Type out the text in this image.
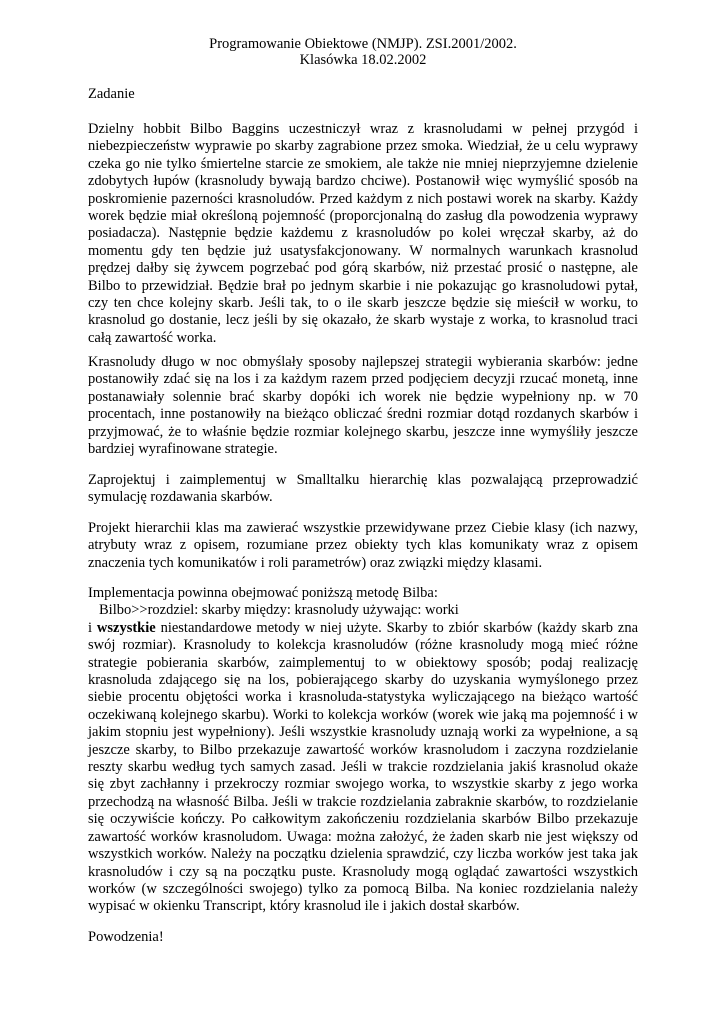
Programowanie Obiektowe (NMJP). ZSI.2001/2002.
Klasówka 18.02.2002
Zadanie
Dzielny hobbit Bilbo Baggins uczestniczył wraz z krasnoludami w pełnej przygód i
niebezpieczeństw wyprawie po skarby zagrabione przez smoka. Wiedział, że u celu wyprawy
czeka go nie tylko śmiertelne starcie ze smokiem, ale także nie mniej nieprzyjemne dzielenie
zdobytych łupów (krasnoludy bywają bardzo chciwe). Postanowił więc wymyślić sposób na
poskromienie pazerności krasnoludów. Przed każdym z nich postawi worek na skarby. Każdy
worek będzie miał określoną pojemność (proporcjonalną do zasług dla powodzenia wyprawy
posiadacza). Następnie będzie każdemu z krasnoludów po kolei wręczał skarby, aż do
momentu gdy ten będzie już usatysfakcjonowany. W normalnych warunkach krasnolud
prędzej dałby się żywcem pogrzebać pod górą skarbów, niż przestać prosić o następne, ale
Bilbo to przewidział. Będzie brał po jednym skarbie i nie pokazując go krasnoludowi pytał,
czy ten chce kolejny skarb. Jeśli tak, to o ile skarb jeszcze będzie się mieścił w worku, to
krasnolud go dostanie, lecz jeśli by się okazało, że skarb wystaje z worka, to krasnolud traci
całą zawartość worka.
Krasnoludy długo w noc obmyślały sposoby najlepszej strategii wybierania skarbów: jedne
postanowiły zdać się na los i za każdym razem przed podjęciem decyzji rzucać monetą, inne
postanawiały solennie brać skarby dopóki ich worek nie będzie wypełniony np. w 70
procentach, inne postanowiły na bieżąco obliczać średni rozmiar dotąd rozdanych skarbów i
przyjmować, że to właśnie będzie rozmiar kolejnego skarbu, jeszcze inne wymyśliły jeszcze
bardziej wyrafinowane strategie.
Zaprojektuj i zaimplementuj w Smalltalku hierarchię klas pozwalającą przeprowadzić
symulację rozdawania skarbów.
Projekt hierarchii klas ma zawierać wszystkie przewidywane przez Ciebie klasy (ich nazwy,
atrybuty wraz z opisem, rozumiane przez obiekty tych klas komunikaty wraz z opisem
znaczenia tych komunikatów i roli parametrów) oraz związki między klasami.
Implementacja powinna obejmować poniższą metodę Bilba:
Bilbo>>rozdziel: skarby między: krasnoludy używając: worki
i wszystkie niestandardowe metody w niej użyte. Skarby to zbiór skarbów (każdy skarb zna
swój rozmiar). Krasnoludy to kolekcja krasnoludów (różne krasnoludy mogą mieć różne
strategie pobierania skarbów, zaimplementuj to w obiektowy sposób; podaj realizację
krasnoluda zdającego się na los, pobierającego skarby do uzyskania wymyślonego przez
siebie procentu objętości worka i krasnoluda-statystyka wyliczającego na bieżąco wartość
oczekiwaną kolejnego skarbu). Worki to kolekcja worków (worek wie jaką ma pojemność i w
jakim stopniu jest wypełniony). Jeśli wszystkie krasnoludy uznają worki za wypełnione, a są
jeszcze skarby, to Bilbo przekazuje zawartość worków krasnoludom i zaczyna rozdzielanie
reszty skarbu według tych samych zasad. Jeśli w trakcie rozdzielania jakiś krasnolud okaże
się zbyt zachłanny i przekroczy rozmiar swojego worka, to wszystkie skarby z jego worka
przechodzą na własność Bilba. Jeśli w trakcie rozdzielania zabraknie skarbów, to rozdzielanie
się oczywiście kończy. Po całkowitym zakończeniu rozdzielania skarbów Bilbo przekazuje
zawartość worków krasnoludom. Uwaga: można założyć, że żaden skarb nie jest większy od
wszystkich worków. Należy na początku dzielenia sprawdzić, czy liczba worków jest taka jak
krasnoludów i czy są na początku puste. Krasnoludy mogą oglądać zawartości wszystkich
worków (w szczególności swojego) tylko za pomocą Bilba. Na koniec rozdzielania należy
wypisać w okienku Transcript, który krasnolud ile i jakich dostał skarbów.
Powodzenia!
